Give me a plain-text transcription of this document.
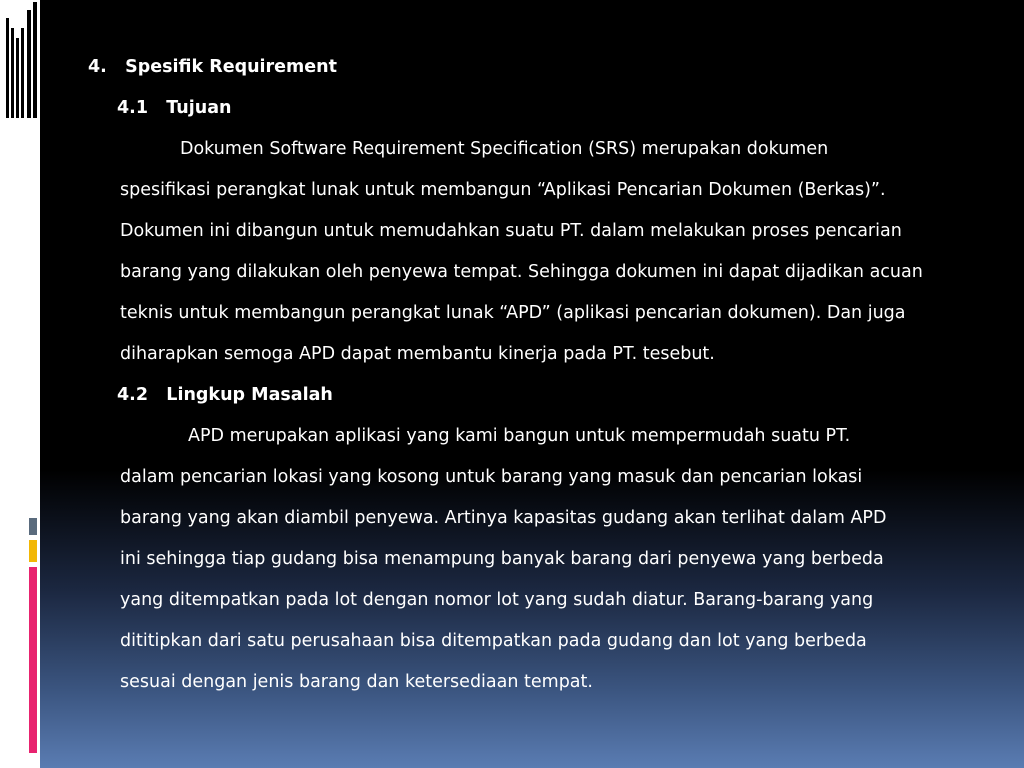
4. Spesifik Requirement
4.1 Tujuan
Dokumen Software Requirement Specification (SRS) merupakan dokumen
spesifikasi perangkat lunak untuk membangun “Aplikasi Pencarian Dokumen (Berkas)”.
Dokumen ini dibangun untuk memudahkan suatu PT. dalam melakukan proses pencarian
barang yang dilakukan oleh penyewa tempat. Sehingga dokumen ini dapat dijadikan acuan
teknis untuk membangun perangkat lunak “APD” (aplikasi pencarian dokumen). Dan juga
diharapkan semoga APD dapat membantu kinerja pada PT. tesebut.
4.2 Lingkup Masalah
APD merupakan aplikasi yang kami bangun untuk mempermudah suatu PT.
dalam pencarian lokasi yang kosong untuk barang yang masuk dan pencarian lokasi
barang yang akan diambil penyewa. Artinya kapasitas gudang akan terlihat dalam APD
ini sehingga tiap gudang bisa menampung banyak barang dari penyewa yang berbeda
yang ditempatkan pada lot dengan nomor lot yang sudah diatur. Barang-barang yang
dititipkan dari satu perusahaan bisa ditempatkan pada gudang dan lot yang berbeda
sesuai dengan jenis barang dan ketersediaan tempat.
